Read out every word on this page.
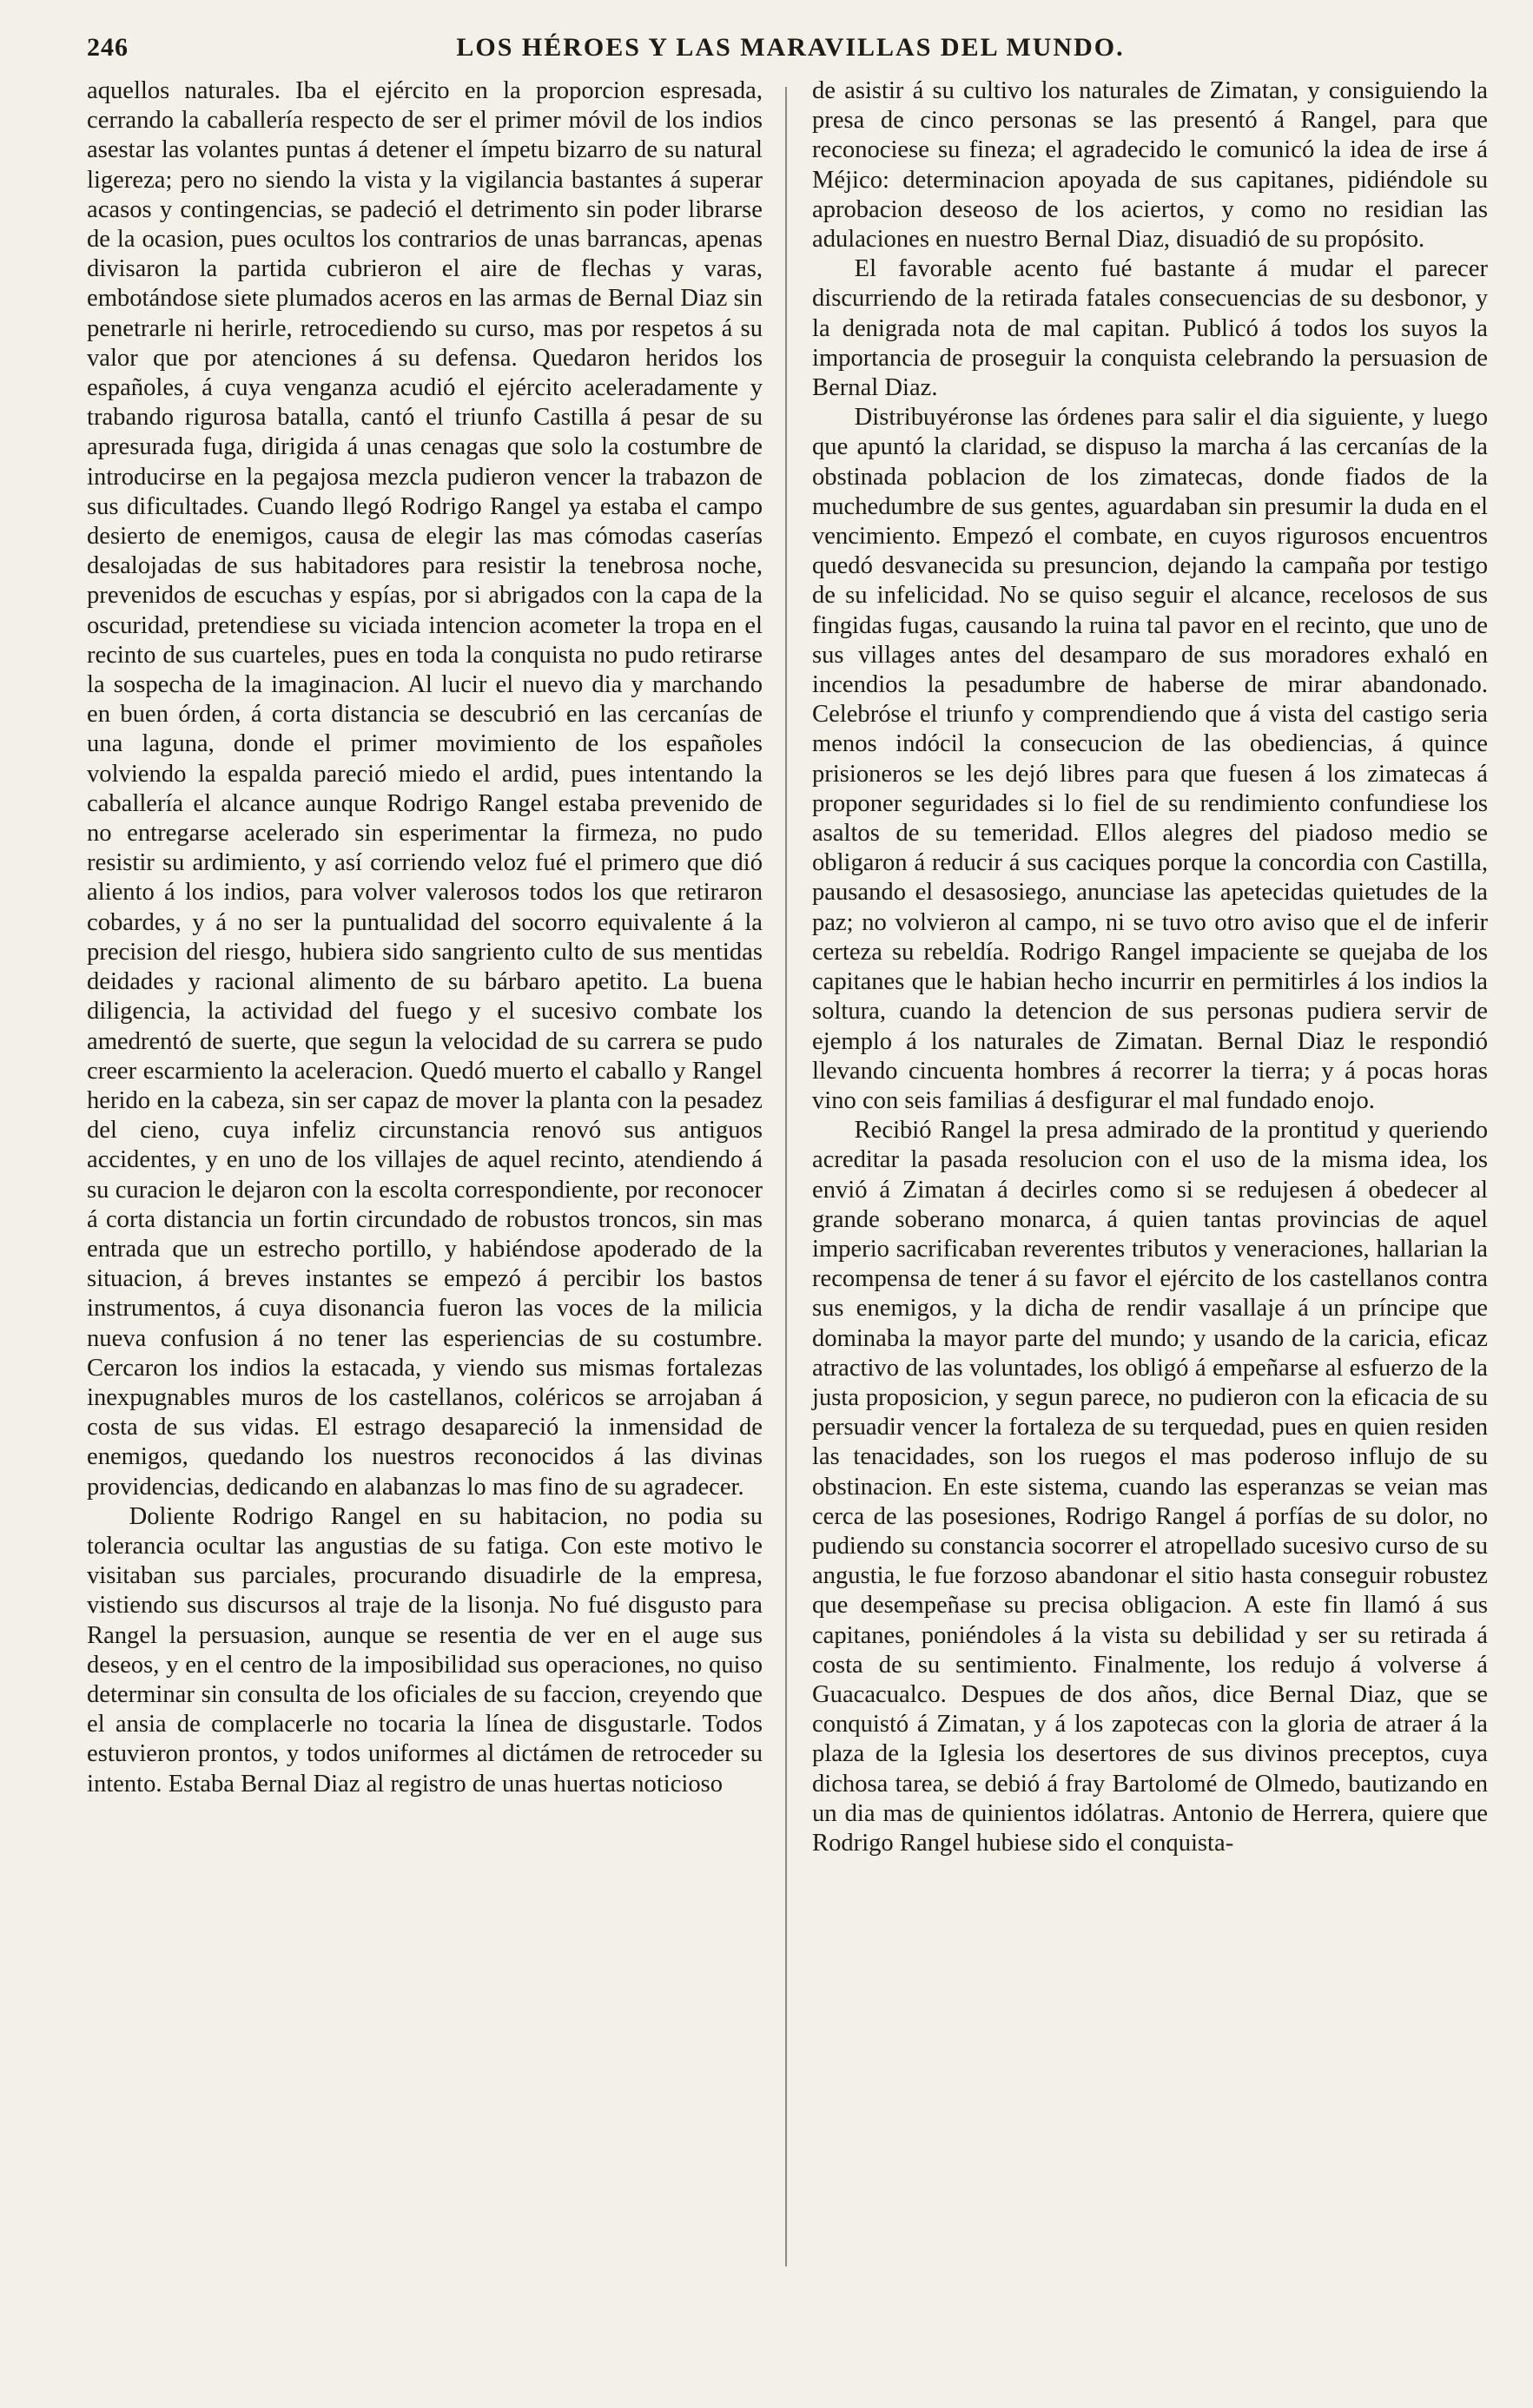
246	LOS HÉROES Y LAS MARAVILLAS DEL MUNDO.

aquellos naturales. Iba el ejército en la proporcion espresada, cerrando la caballería respecto de ser el primer móvil de los indios asestar las volantes puntas á detener el ímpetu bizarro de su natural ligereza; pero no siendo la vista y la vigilancia bastantes á superar acasos y contingencias, se padeció el detrimento sin poder librarse de la ocasion, pues ocultos los contrarios de unas barrancas, apenas divisaron la partida cubrieron el aire de flechas y varas, embotándose siete plumados aceros en las armas de Bernal Diaz sin penetrarle ni herirle, retrocediendo su curso, mas por respetos á su valor que por atenciones á su defensa. Quedaron heridos los españoles, á cuya venganza acudió el ejército aceleradamente y trabando rigurosa batalla, cantó el triunfo Castilla á pesar de su apresurada fuga, dirigida á unas cenagas que solo la costumbre de introducirse en la pegajosa mezcla pudieron vencer la trabazon de sus dificultades. Cuando llegó Rodrigo Rangel ya estaba el campo desierto de enemigos, causa de elegir las mas cómodas caserías desalojadas de sus habitadores para resistir la tenebrosa noche, prevenidos de escuchas y espías, por si abrigados con la capa de la oscuridad, pretendiese su viciada intencion acometer la tropa en el recinto de sus cuarteles, pues en toda la conquista no pudo retirarse la sospecha de la imaginacion. Al lucir el nuevo dia y marchando en buen órden, á corta distancia se descubrió en las cercanías de una laguna, donde el primer movimiento de los españoles volviendo la espalda pareció miedo el ardid, pues intentando la caballería el alcance aunque Rodrigo Rangel estaba prevenido de no entregarse acelerado sin esperimentar la firmeza, no pudo resistir su ardimiento, y así corriendo veloz fué el primero que dió aliento á los indios, para volver valerosos todos los que retiraron cobardes, y á no ser la puntualidad del socorro equivalente á la precision del riesgo, hubiera sido sangriento culto de sus mentidas deidades y racional alimento de su bárbaro apetito. La buena diligencia, la actividad del fuego y el sucesivo combate los amedrentó de suerte, que segun la velocidad de su carrera se pudo creer escarmiento la aceleracion. Quedó muerto el caballo y Rangel herido en la cabeza, sin ser capaz de mover la planta con la pesadez del cieno, cuya infeliz circunstancia renovó sus antiguos accidentes, y en uno de los villajes de aquel recinto, atendiendo á su curacion le dejaron con la escolta correspondiente, por reconocer á corta distancia un fortin circundado de robustos troncos, sin mas entrada que un estrecho portillo, y habiéndose apoderado de la situacion, á breves instantes se empezó á percibir los bastos instrumentos, á cuya disonancia fueron las voces de la milicia nueva confusion á no tener las esperiencias de su costumbre. Cercaron los indios la estacada, y viendo sus mismas fortalezas inexpugnables muros de los castellanos, coléricos se arrojaban á costa de sus vidas. El estrago desapareció la inmensidad de enemigos, quedando los nuestros reconocidos á las divinas providencias, dedicando en alabanzas lo mas fino de su agradecer.

Doliente Rodrigo Rangel en su habitacion, no podia su tolerancia ocultar las angustias de su fatiga. Con este motivo le visitaban sus parciales, procurando disuadirle de la empresa, vistiendo sus discursos al traje de la lisonja. No fué disgusto para Rangel la persuasion, aunque se resentia de ver en el auge sus deseos, y en el centro de la imposibilidad sus operaciones, no quiso determinar sin consulta de los oficiales de su faccion, creyendo que el ansia de complacerle no tocaria la línea de disgustarle. Todos estuvieron prontos, y todos uniformes al dictámen de retroceder su intento. Estaba Bernal Diaz al registro de unas huertas noticioso

de asistir á su cultivo los naturales de Zimatan, y consiguiendo la presa de cinco personas se las presentó á Rangel, para que reconociese su fineza; el agradecido le comunicó la idea de irse á Méjico: determinacion apoyada de sus capitanes, pidiéndole su aprobacion deseoso de los aciertos, y como no residian las adulaciones en nuestro Bernal Diaz, disuadió de su propósito.

El favorable acento fué bastante á mudar el parecer discurriendo de la retirada fatales consecuencias de su desbonor, y la denigrada nota de mal capitan. Publicó á todos los suyos la importancia de proseguir la conquista celebrando la persuasion de Bernal Diaz.

Distribuyéronse las órdenes para salir el dia siguiente, y luego que apuntó la claridad, se dispuso la marcha á las cercanías de la obstinada poblacion de los zimatecas, donde fiados de la muchedumbre de sus gentes, aguardaban sin presumir la duda en el vencimiento. Empezó el combate, en cuyos rigurosos encuentros quedó desvanecida su presuncion, dejando la campaña por testigo de su infelicidad. No se quiso seguir el alcance, recelosos de sus fingidas fugas, causando la ruina tal pavor en el recinto, que uno de sus villages antes del desamparo de sus moradores exhaló en incendios la pesadumbre de haberse de mirar abandonado. Celebróse el triunfo y comprendiendo que á vista del castigo seria menos indócil la consecucion de las obediencias, á quince prisioneros se les dejó libres para que fuesen á los zimatecas á proponer seguridades si lo fiel de su rendimiento confundiese los asaltos de su temeridad. Ellos alegres del piadoso medio se obligaron á reducir á sus caciques porque la concordia con Castilla, pausando el desasosiego, anunciase las apetecidas quietudes de la paz; no volvieron al campo, ni se tuvo otro aviso que el de inferir certeza su rebeldía. Rodrigo Rangel impaciente se quejaba de los capitanes que le habian hecho incurrir en permitirles á los indios la soltura, cuando la detencion de sus personas pudiera servir de ejemplo á los naturales de Zimatan. Bernal Diaz le respondió llevando cincuenta hombres á recorrer la tierra; y á pocas horas vino con seis familias á desfigurar el mal fundado enojo.

Recibió Rangel la presa admirado de la prontitud y queriendo acreditar la pasada resolucion con el uso de la misma idea, los envió á Zimatan á decirles como si se redujesen á obedecer al grande soberano monarca, á quien tantas provincias de aquel imperio sacrificaban reverentes tributos y veneraciones, hallarian la recompensa de tener á su favor el ejército de los castellanos contra sus enemigos, y la dicha de rendir vasallaje á un príncipe que dominaba la mayor parte del mundo; y usando de la caricia, eficaz atractivo de las voluntades, los obligó á empeñarse al esfuerzo de la justa proposicion, y segun parece, no pudieron con la eficacia de su persuadir vencer la fortaleza de su terquedad, pues en quien residen las tenacidades, son los ruegos el mas poderoso influjo de su obstinacion. En este sistema, cuando las esperanzas se veian mas cerca de las posesiones, Rodrigo Rangel á porfías de su dolor, no pudiendo su constancia socorrer el atropellado sucesivo curso de su angustia, le fue forzoso abandonar el sitio hasta conseguir robustez que desempeñase su precisa obligacion. A este fin llamó á sus capitanes, poniéndoles á la vista su debilidad y ser su retirada á costa de su sentimiento. Finalmente, los redujo á volverse á Guacacualco. Despues de dos años, dice Bernal Diaz, que se conquistó á Zimatan, y á los zapotecas con la gloria de atraer á la plaza de la Iglesia los desertores de sus divinos preceptos, cuya dichosa tarea, se debió á fray Bartolomé de Olmedo, bautizando en un dia mas de quinientos idólatras. Antonio de Herrera, quiere que Rodrigo Rangel hubiese sido el conquista-
